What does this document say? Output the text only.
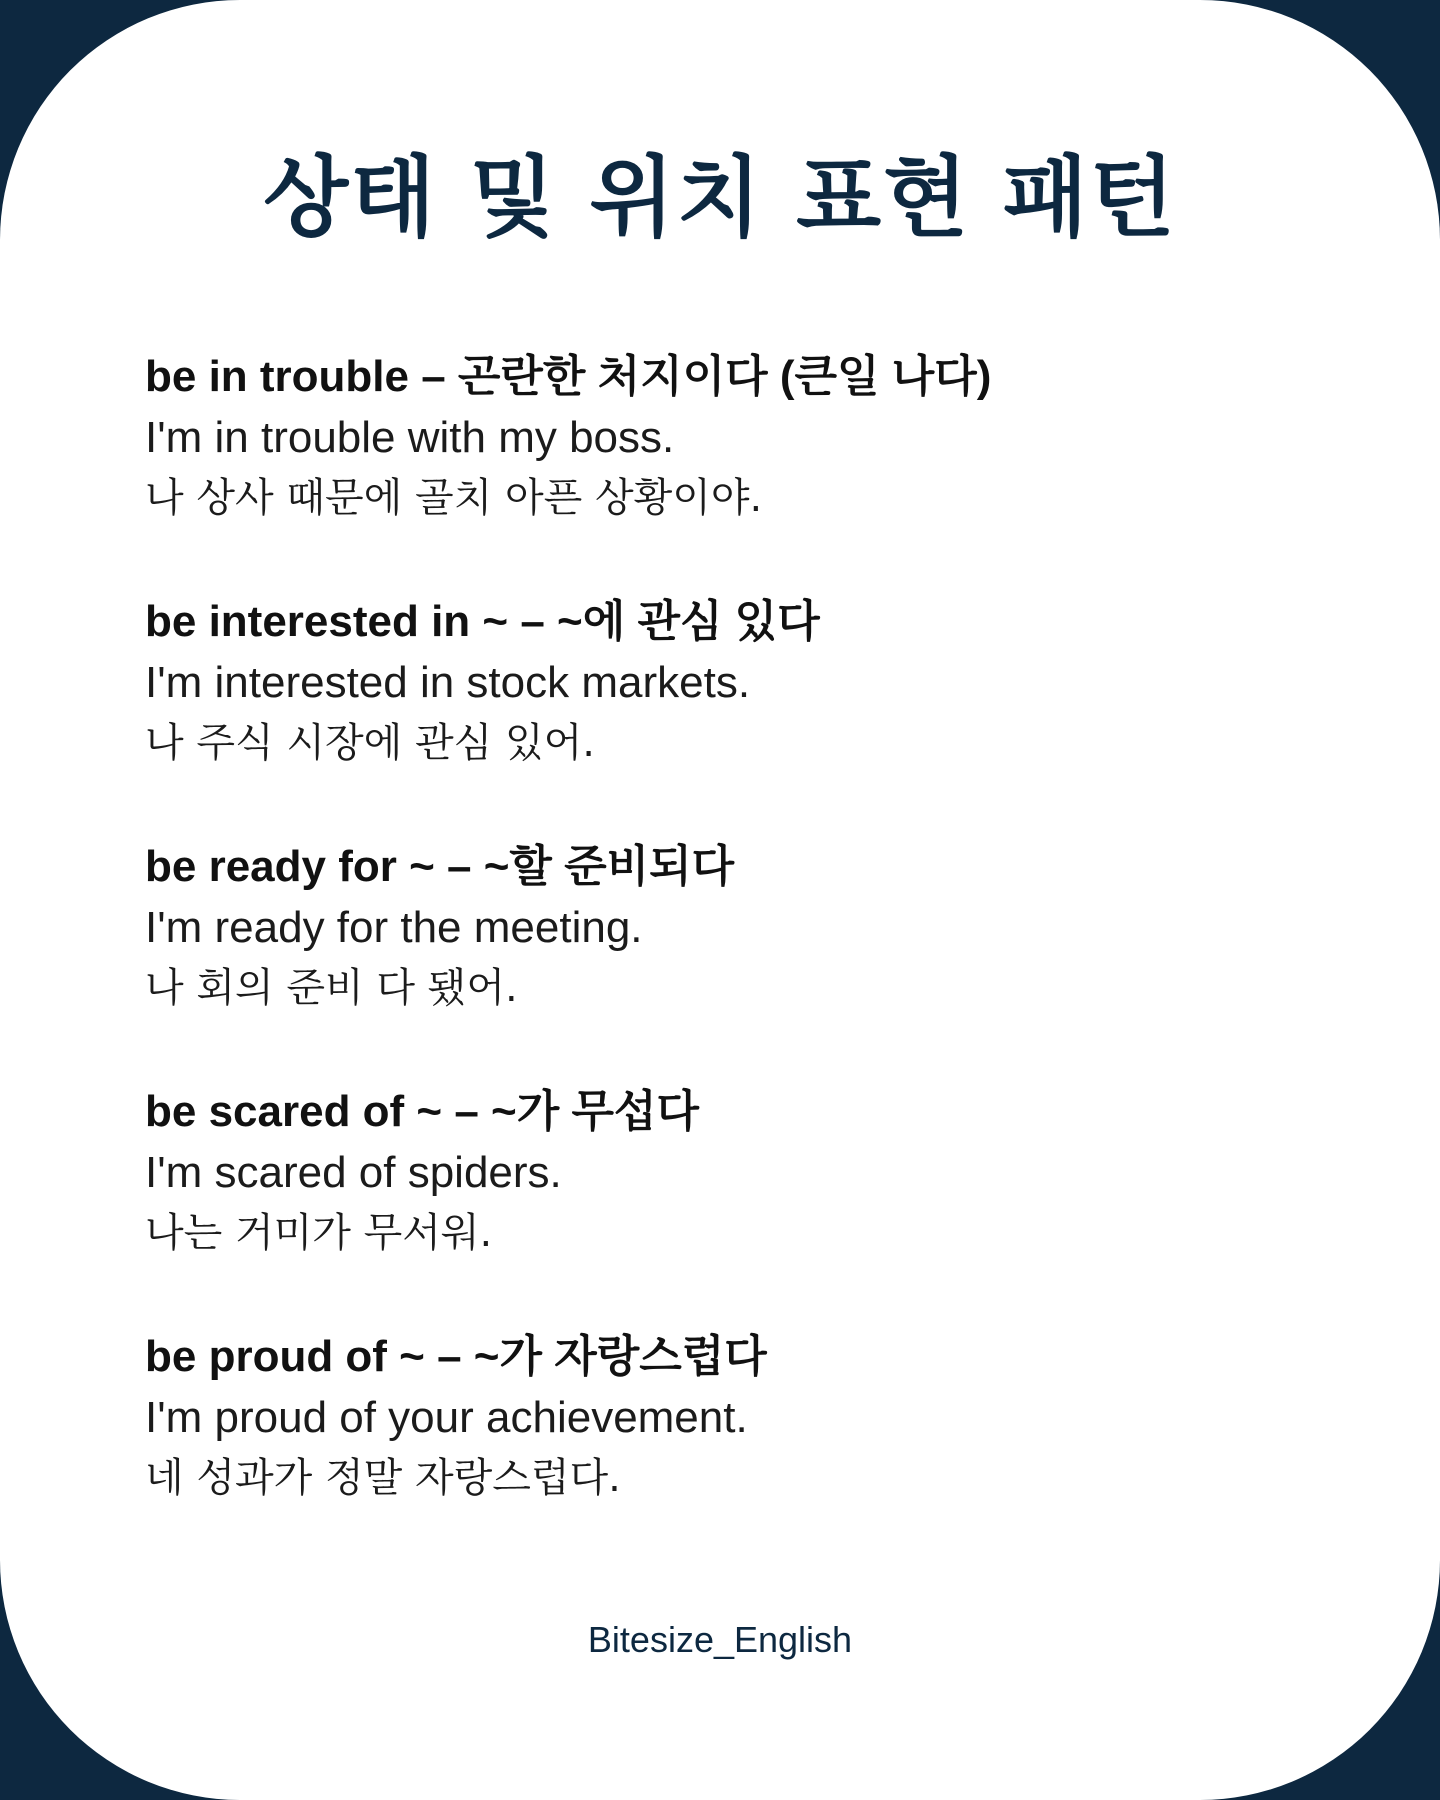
상태 및 위치 표현 패턴
be in trouble – 곤란한 처지이다 (큰일 나다)
I'm in trouble with my boss.
나 상사 때문에 골치 아픈 상황이야.
be interested in ~ – ~에 관심 있다
I'm interested in stock markets.
나 주식 시장에 관심 있어.
be ready for ~ – ~할 준비되다
I'm ready for the meeting.
나 회의 준비 다 됐어.
be scared of ~ – ~가 무섭다
I'm scared of spiders.
나는 거미가 무서워.
be proud of ~ – ~가 자랑스럽다
I'm proud of your achievement.
네 성과가 정말 자랑스럽다.
Bitesize_English
